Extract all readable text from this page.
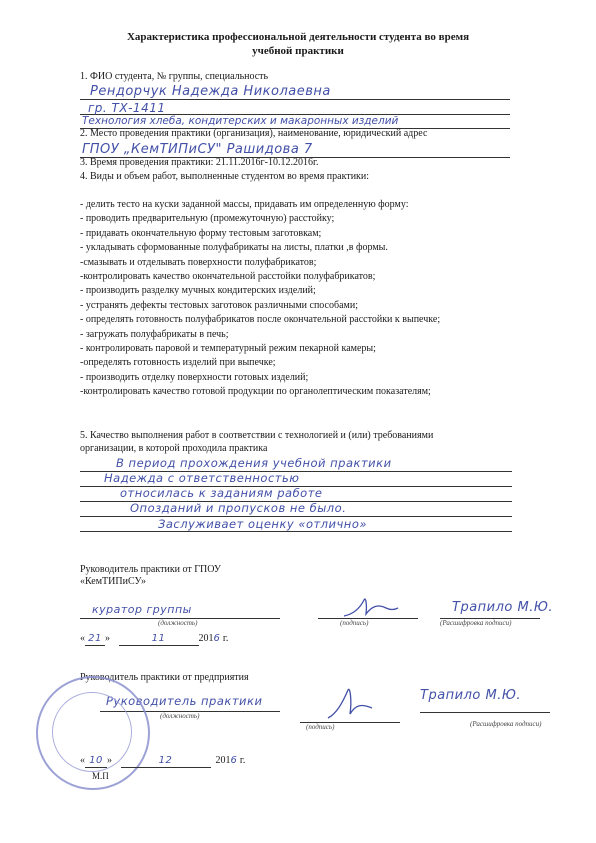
Характеристика профессиональной деятельности студента во время
учебной практики
1. ФИО студента, № группы, специальность
Рендорчук Надежда Николаевна
гр. ТХ-1411
Технология хлеба, кондитерских и макаронных изделий
2. Место проведения практики (организация), наименование, юридический адрес
ГПОУ „КемТИПиСУ" Рашидова 7
3. Время проведения практики: 21.11.2016г-10.12.2016г.
4. Виды и объем работ, выполненные студентом во время практики:
- делить тесто на куски заданной массы, придавать им определенную форму:
- проводить предварительную (промежуточную) расстойку;
- придавать окончательную форму тестовым заготовкам;
- укладывать сформованные полуфабрикаты на листы, платки ,в формы.
-смазывать и отделывать поверхности полуфабрикатов;
-контролировать качество окончательной расстойки полуфабрикатов;
- производить разделку мучных кондитерских изделий;
- устранять дефекты тестовых заготовок различными способами;
- определять готовность полуфабрикатов после окончательной расстойки к выпечке;
- загружать полуфабрикаты в печь;
- контролировать паровой и температурный режим пекарной камеры;
-определять готовность изделий при выпечке;
- производить отделку поверхности готовых изделий;
-контролировать качество готовой продукции по органолептическим показателям;
5. Качество выполнения работ в соответствии с технологией и (или) требованиями
организации, в которой проходила практика
В период прохождения учебной практики
Надежда с ответственностью
относилась к заданиям работе
Опозданий и пропусков не было.
Заслуживает оценку «отлично»
Руководитель практики от ГПОУ
«КемТИПиСУ»
куратор группы
(должность)	(подпись)
Трапило М.Ю.
(Расшифровка подписи)
« 21 »	11	2016 г.
Руководитель практики от предприятия
Руководитель практики
(должность)
(подпись)
Трапило М.Ю.
(Расшифровка подписи)
« 10 »	12	2016 г.
М.П
